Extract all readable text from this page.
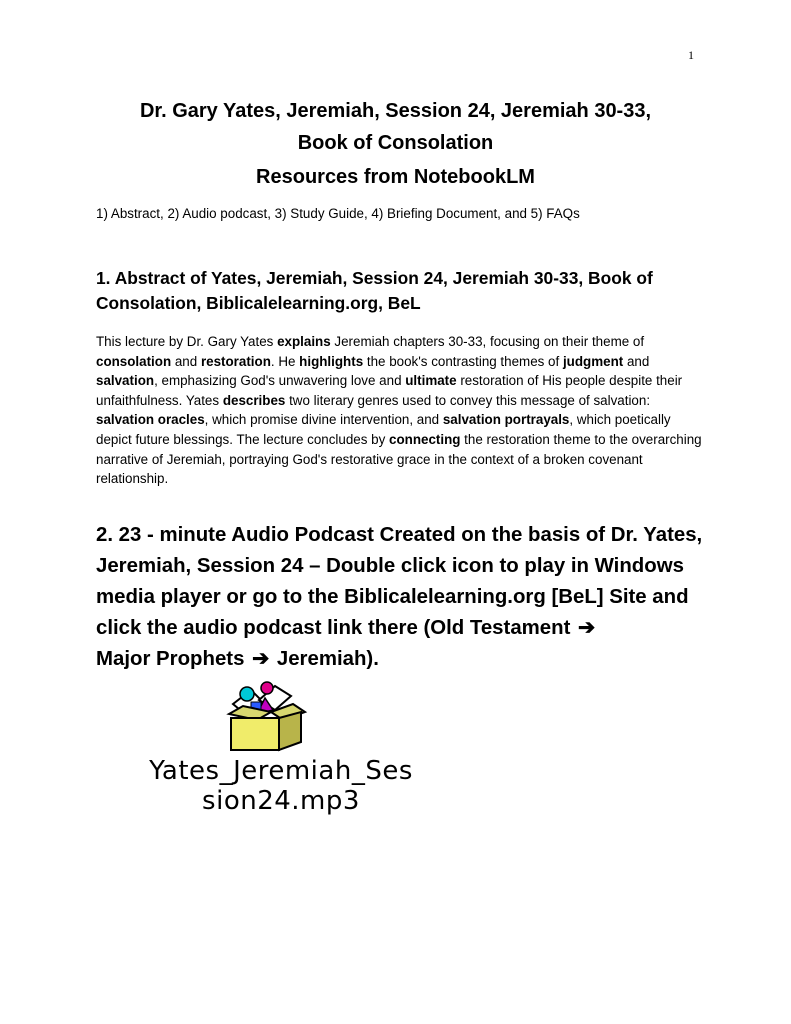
1
Dr. Gary Yates, Jeremiah, Session 24, Jeremiah 30-33,
Book of Consolation
Resources from NotebookLM
1) Abstract, 2) Audio podcast, 3) Study Guide, 4) Briefing Document, and 5) FAQs
1. Abstract of Yates, Jeremiah, Session 24, Jeremiah 30-33, Book of Consolation, Biblicalelearning.org, BeL
This lecture by Dr. Gary Yates explains Jeremiah chapters 30-33, focusing on their theme of consolation and restoration. He highlights the book's contrasting themes of judgment and salvation, emphasizing God's unwavering love and ultimate restoration of His people despite their unfaithfulness. Yates describes two literary genres used to convey this message of salvation: salvation oracles, which promise divine intervention, and salvation portrayals, which poetically depict future blessings. The lecture concludes by connecting the restoration theme to the overarching narrative of Jeremiah, portraying God's restorative grace in the context of a broken covenant relationship.
2. 23 - minute Audio Podcast Created on the basis of Dr. Yates, Jeremiah, Session 24 – Double click icon to play in Windows media player or go to the Biblicalelearning.org [BeL] Site and click the audio podcast link there (Old Testament ➔
Major Prophets ➔ Jeremiah).
Yates_Jeremiah_Ses
sion24.mp3
